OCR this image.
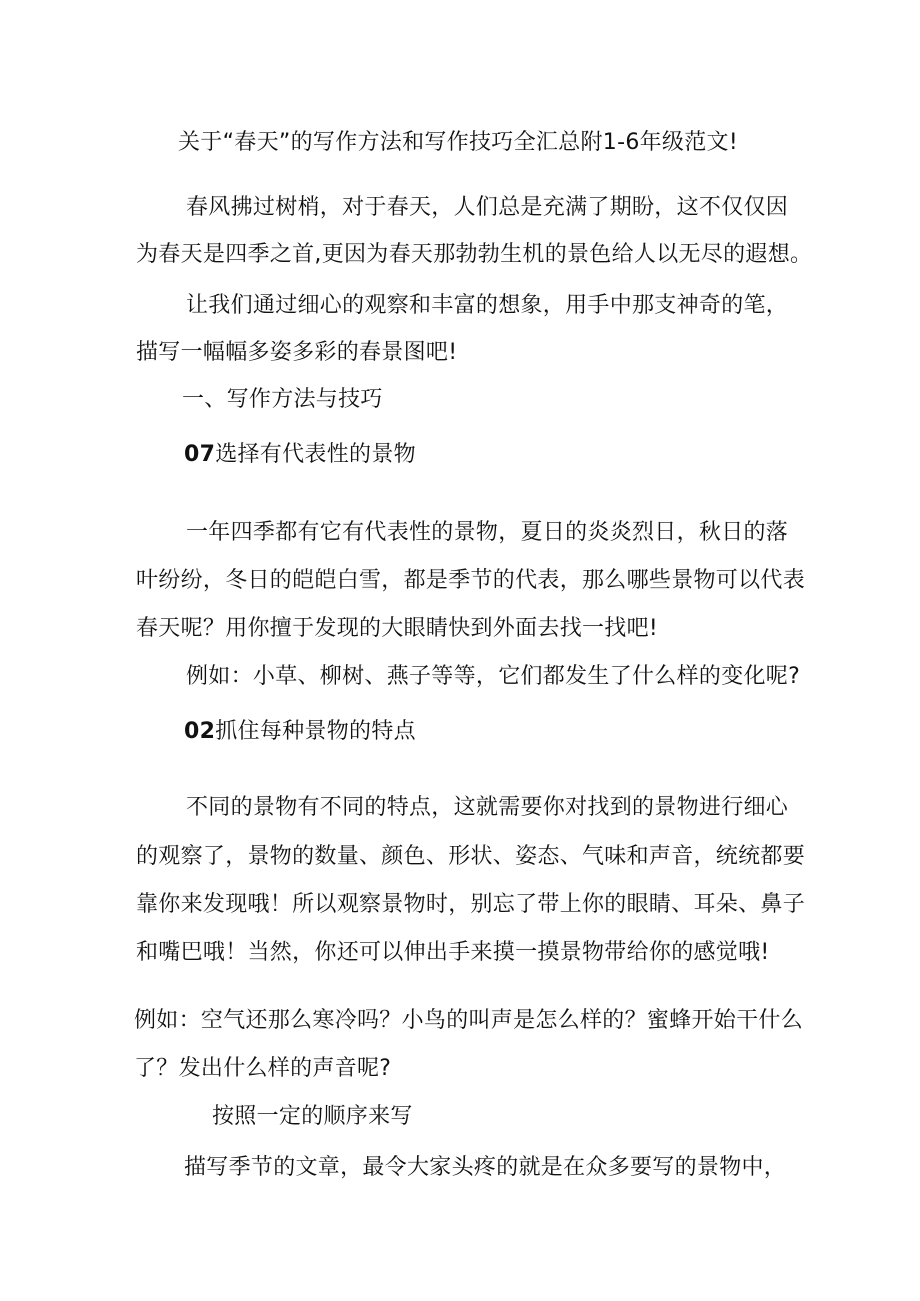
关于“春天”的写作方法和写作技巧全汇总附1-6年级范文!
春风拂过树梢，对于春天，人们总是充满了期盼，这不仅仅因
为春天是四季之首,更因为春天那勃勃生机的景色给人以无尽的遐想。
让我们通过细心的观察和丰富的想象，用手中那支神奇的笔，
描写一幅幅多姿多彩的春景图吧!
一、写作方法与技巧
07选择有代表性的景物
一年四季都有它有代表性的景物，夏日的炎炎烈日，秋日的落
叶纷纷，冬日的皑皑白雪，都是季节的代表，那么哪些景物可以代表
春天呢？用你擅于发现的大眼睛快到外面去找一找吧!
例如：小草、柳树、燕子等等，它们都发生了什么样的变化呢?
02抓住每种景物的特点
不同的景物有不同的特点，这就需要你对找到的景物进行细心
的观察了，景物的数量、颜色、形状、姿态、气味和声音，统统都要
靠你来发现哦！所以观察景物时，别忘了带上你的眼睛、耳朵、鼻子
和嘴巴哦！当然，你还可以伸出手来摸一摸景物带给你的感觉哦!
例如：空气还那么寒冷吗？小鸟的叫声是怎么样的？蜜蜂开始干什么
了？发出什么样的声音呢?
按照一定的顺序来写
描写季节的文章，最令大家头疼的就是在众多要写的景物中，
